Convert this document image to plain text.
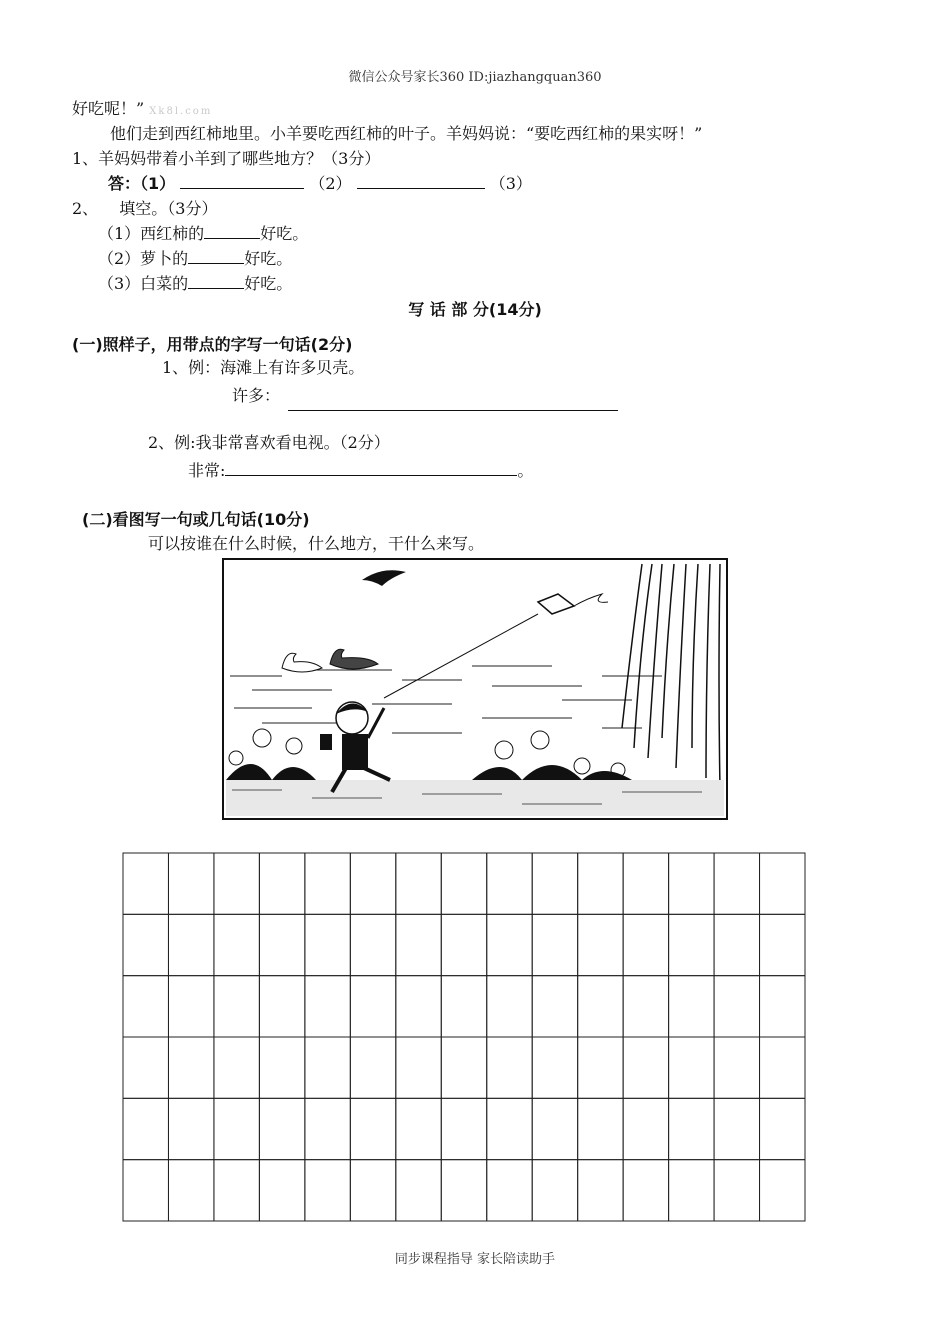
微信公众号家长360 ID:jiazhangquan360
好吃呢！” Xk8l.com
他们走到西红柿地里。小羊要吃西红柿的叶子。羊妈妈说：“要吃西红柿的果实呀！”
1、羊妈妈带着小羊到了哪些地方？（3分）
答：（1）	（2）	（3）
2、 填空。（3分）
（1）西红柿的	好吃。
（2）萝卜的	好吃。
（3）白菜的	好吃。
写 话 部 分(14分)
(一)照样子，用带点的字写一句话(2分)
1、例：海滩上有许多贝壳。
许多：
2、例:我非常喜欢看电视。（2分）
非常:	。
(二)看图写一句或几句话(10分)
可以按谁在什么时候，什么地方，干什么来写。
同步课程指导 家长陪读助手
